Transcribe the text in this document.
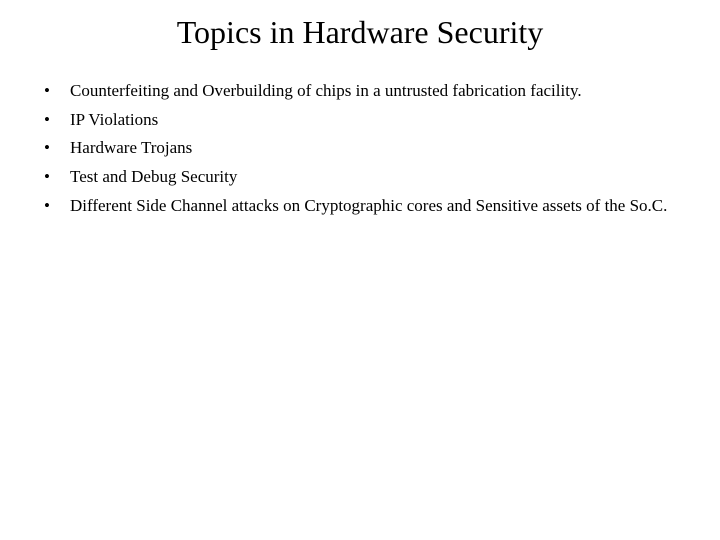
Topics in Hardware Security
•	Counterfeiting and Overbuilding of chips in a untrusted fabrication facility.
•	IP Violations
•	Hardware Trojans
•	Test and Debug Security
•	Different Side Channel attacks on Cryptographic cores and Sensitive assets of the So.C.
